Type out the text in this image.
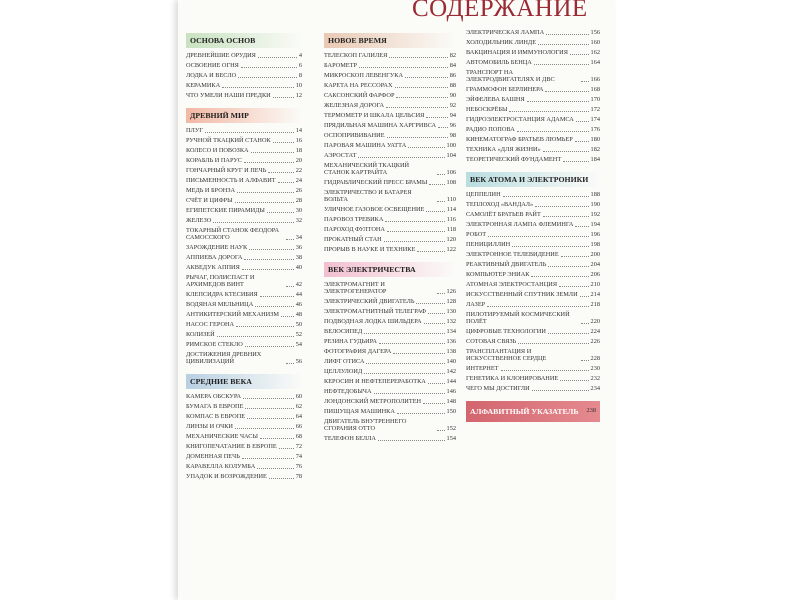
СОДЕРЖАНИЕ
ОСНОВА ОСНОВ
ДРЕВНЕЙШИЕ ОРУДИЯ	4
ОСВОЕНИЕ ОГНЯ	6
ЛОДКА И ВЕСЛО	8
КЕРАМИКА	10
ЧТО УМЕЛИ НАШИ ПРЕДКИ	12
ДРЕВНИЙ МИР
ПЛУГ	14
РУЧНОЙ ТКАЦКИЙ СТАНОК	16
КОЛЕСО И ПОВОЗКА	18
КОРАБЛЬ И ПАРУС	20
ГОНЧАРНЫЙ КРУГ И ПЕЧЬ	22
ПИСЬМЕННОСТЬ И АЛФАВИТ	24
МЕДЬ И БРОНЗА	26
СЧЁТ И ЦИФРЫ	28
ЕГИПЕТСКИЕ ПИРАМИДЫ	30
ЖЕЛЕЗО	32
ТОКАРНЫЙ СТАНОК ФЕОДОРА САМОССКОГО	34
ЗАРОЖДЕНИЕ НАУК	36
АППИЕВА ДОРОГА	38
АКВЕДУК АППИЯ	40
РЫЧАГ, ПОЛИСПАСТ И АРХИМЕДОВ ВИНТ	42
КЛЕПСИДРА КТЕСИБИЯ	44
ВОДЯНАЯ МЕЛЬНИЦА	46
АНТИКИТЕРСКИЙ МЕХАНИЗМ	48
НАСОС ГЕРОНА	50
КОЛИЗЕЙ	52
РИМСКОЕ СТЕКЛО	54
ДОСТИЖЕНИЯ ДРЕВНИХ ЦИВИЛИЗАЦИЙ	56
СРЕДНИЕ ВЕКА
КАМЕРА ОБСКУРА	60
БУМАГА В ЕВРОПЕ	62
КОМПАС В ЕВРОПЕ	64
ЛИНЗЫ И ОЧКИ	66
МЕХАНИЧЕСКИЕ ЧАСЫ	68
КНИГОПЕЧАТАНИЕ В ЕВРОПЕ	72
ДОМЕННАЯ ПЕЧЬ	74
КАРАВЕЛЛА КОЛУМБА	76
УПАДОК И ВОЗРОЖДЕНИЕ	78
НОВОЕ ВРЕМЯ
ТЕЛЕСКОП ГАЛИЛЕЯ	82
БАРОМЕТР	84
МИКРОСКОП ЛЕВЕНГУКА	86
КАРЕТА НА РЕССОРАХ	88
САКСОНСКИЙ ФАРФОР	90
ЖЕЛЕЗНАЯ ДОРОГА	92
ТЕРМОМЕТР И ШКАЛА ЦЕЛЬСИЯ	94
ПРЯДИЛЬНАЯ МАШИНА ХАРГРИВСА 96
ОСПОПРИВИВАНИЕ	98
ПАРОВАЯ МАШИНА УАТТА	100
АЭРОСТАТ	104
МЕХАНИЧЕСКИЙ ТКАЦКИЙ СТАНОК КАРТРАЙТА	106
ГИДРАВЛИЧЕСКИЙ ПРЕСС БРАМЫ	108
ЭЛЕКТРИЧЕСТВО И БАТАРЕЯ ВОЛЬТА	110
УЛИЧНОЕ ГАЗОВОЕ ОСВЕЩЕНИЕ	114
ПАРОВОЗ ТРЕВИКА	116
ПАРОХОД ФУЛТОНА	118
ПРОКАТНЫЙ СТАН	120
ПРОРЫВ В НАУКЕ И ТЕХНИКЕ	122
ВЕК ЭЛЕКТРИЧЕСТВА
ЭЛЕКТРОМАГНИТ И ЭЛЕКТРОГЕНЕРАТОР	126
ЭЛЕКТРИЧЕСКИЙ ДВИГАТЕЛЬ	128
ЭЛЕКТРОМАГНИТНЫЙ ТЕЛЕГРАФ	130
ПОДВОДНАЯ ЛОДКА ШИЛЬДЕРА	132
ВЕЛОСИПЕД	134
РЕЗИНА ГУДЬИРА	136
ФОТОГРАФИЯ ДАГЕРА	138
ЛИФТ ОТИСА	140
ЦЕЛЛУЛОИД	142
КЕРОСИН И НЕФТЕПЕРЕРАБОТКА	144
НЕФТЕДОБЫЧА	146
ЛОНДОНСКИЙ МЕТРОПОЛИТЕН	148
ПИШУЩАЯ МАШИНКА	150
ДВИГАТЕЛЬ ВНУТРЕННЕГО СГОРАНИЯ ОТТО	152
ТЕЛЕФОН БЕЛЛА	154
ЭЛЕКТРИЧЕСКАЯ ЛАМПА	156
ХОЛОДИЛЬНИК ЛИНДЕ	160
ВАКЦИНАЦИЯ И ИММУНОЛОГИЯ	162
АВТОМОБИЛЬ БЕНЦА	164
ТРАНСПОРТ НА ЭЛЕКТРОДВИГАТЕЛЯХ И ДВС	166
ГРАММОФОН БЕРЛИНЕРА	168
ЭЙФЕЛЕВА БАШНЯ	170
НЕБОСКРЁБЫ	172
ГИДРОЭЛЕКТРОСТАНЦИЯ АДАМСА	174
РАДИО ПОПОВА	176
КИНЕМАТОГРАФ БРАТЬЕВ ЛЮМЬЕР	180
ТЕХНИКА «ДЛЯ ЖИЗНИ»	182
ТЕОРЕТИЧЕСКИЙ ФУНДАМЕНТ	184
ВЕК АТОМА И ЭЛЕКТРОНИКИ
ЦЕППЕЛИН	188
ТЕПЛОХОД «ВАНДАЛ»	190
САМОЛЁТ БРАТЬЕВ РАЙТ	192
ЭЛЕКТРОННАЯ ЛАМПА ФЛЕМИНГА	194
РОБОТ	196
ПЕНИЦИЛЛИН	198
ЭЛЕКТРОННОЕ ТЕЛЕВИДЕНИЕ	200
РЕАКТИВНЫЙ ДВИГАТЕЛЬ	204
КОМПЬЮТЕР ЭНИАК	206
АТОМНАЯ ЭЛЕКТРОСТАНЦИЯ	210
ИСКУССТВЕННЫЙ СПУТНИК ЗЕМЛИ 214
ЛАЗЕР	218
ПИЛОТИРУЕМЫЙ КОСМИЧЕСКИЙ ПОЛЁТ	220
ЦИФРОВЫЕ ТЕХНОЛОГИИ	224
СОТОВАЯ СВЯЗЬ	226
ТРАНСПЛАНТАЦИЯ И ИСКУССТВЕННОЕ СЕРДЦЕ	228
ИНТЕРНЕТ	230
ГЕНЕТИКА И КЛОНИРОВАНИЕ	232
ЧЕГО МЫ ДОСТИГЛИ	234
АЛФАВИТНЫЙ УКАЗАТЕЛЬ 238
